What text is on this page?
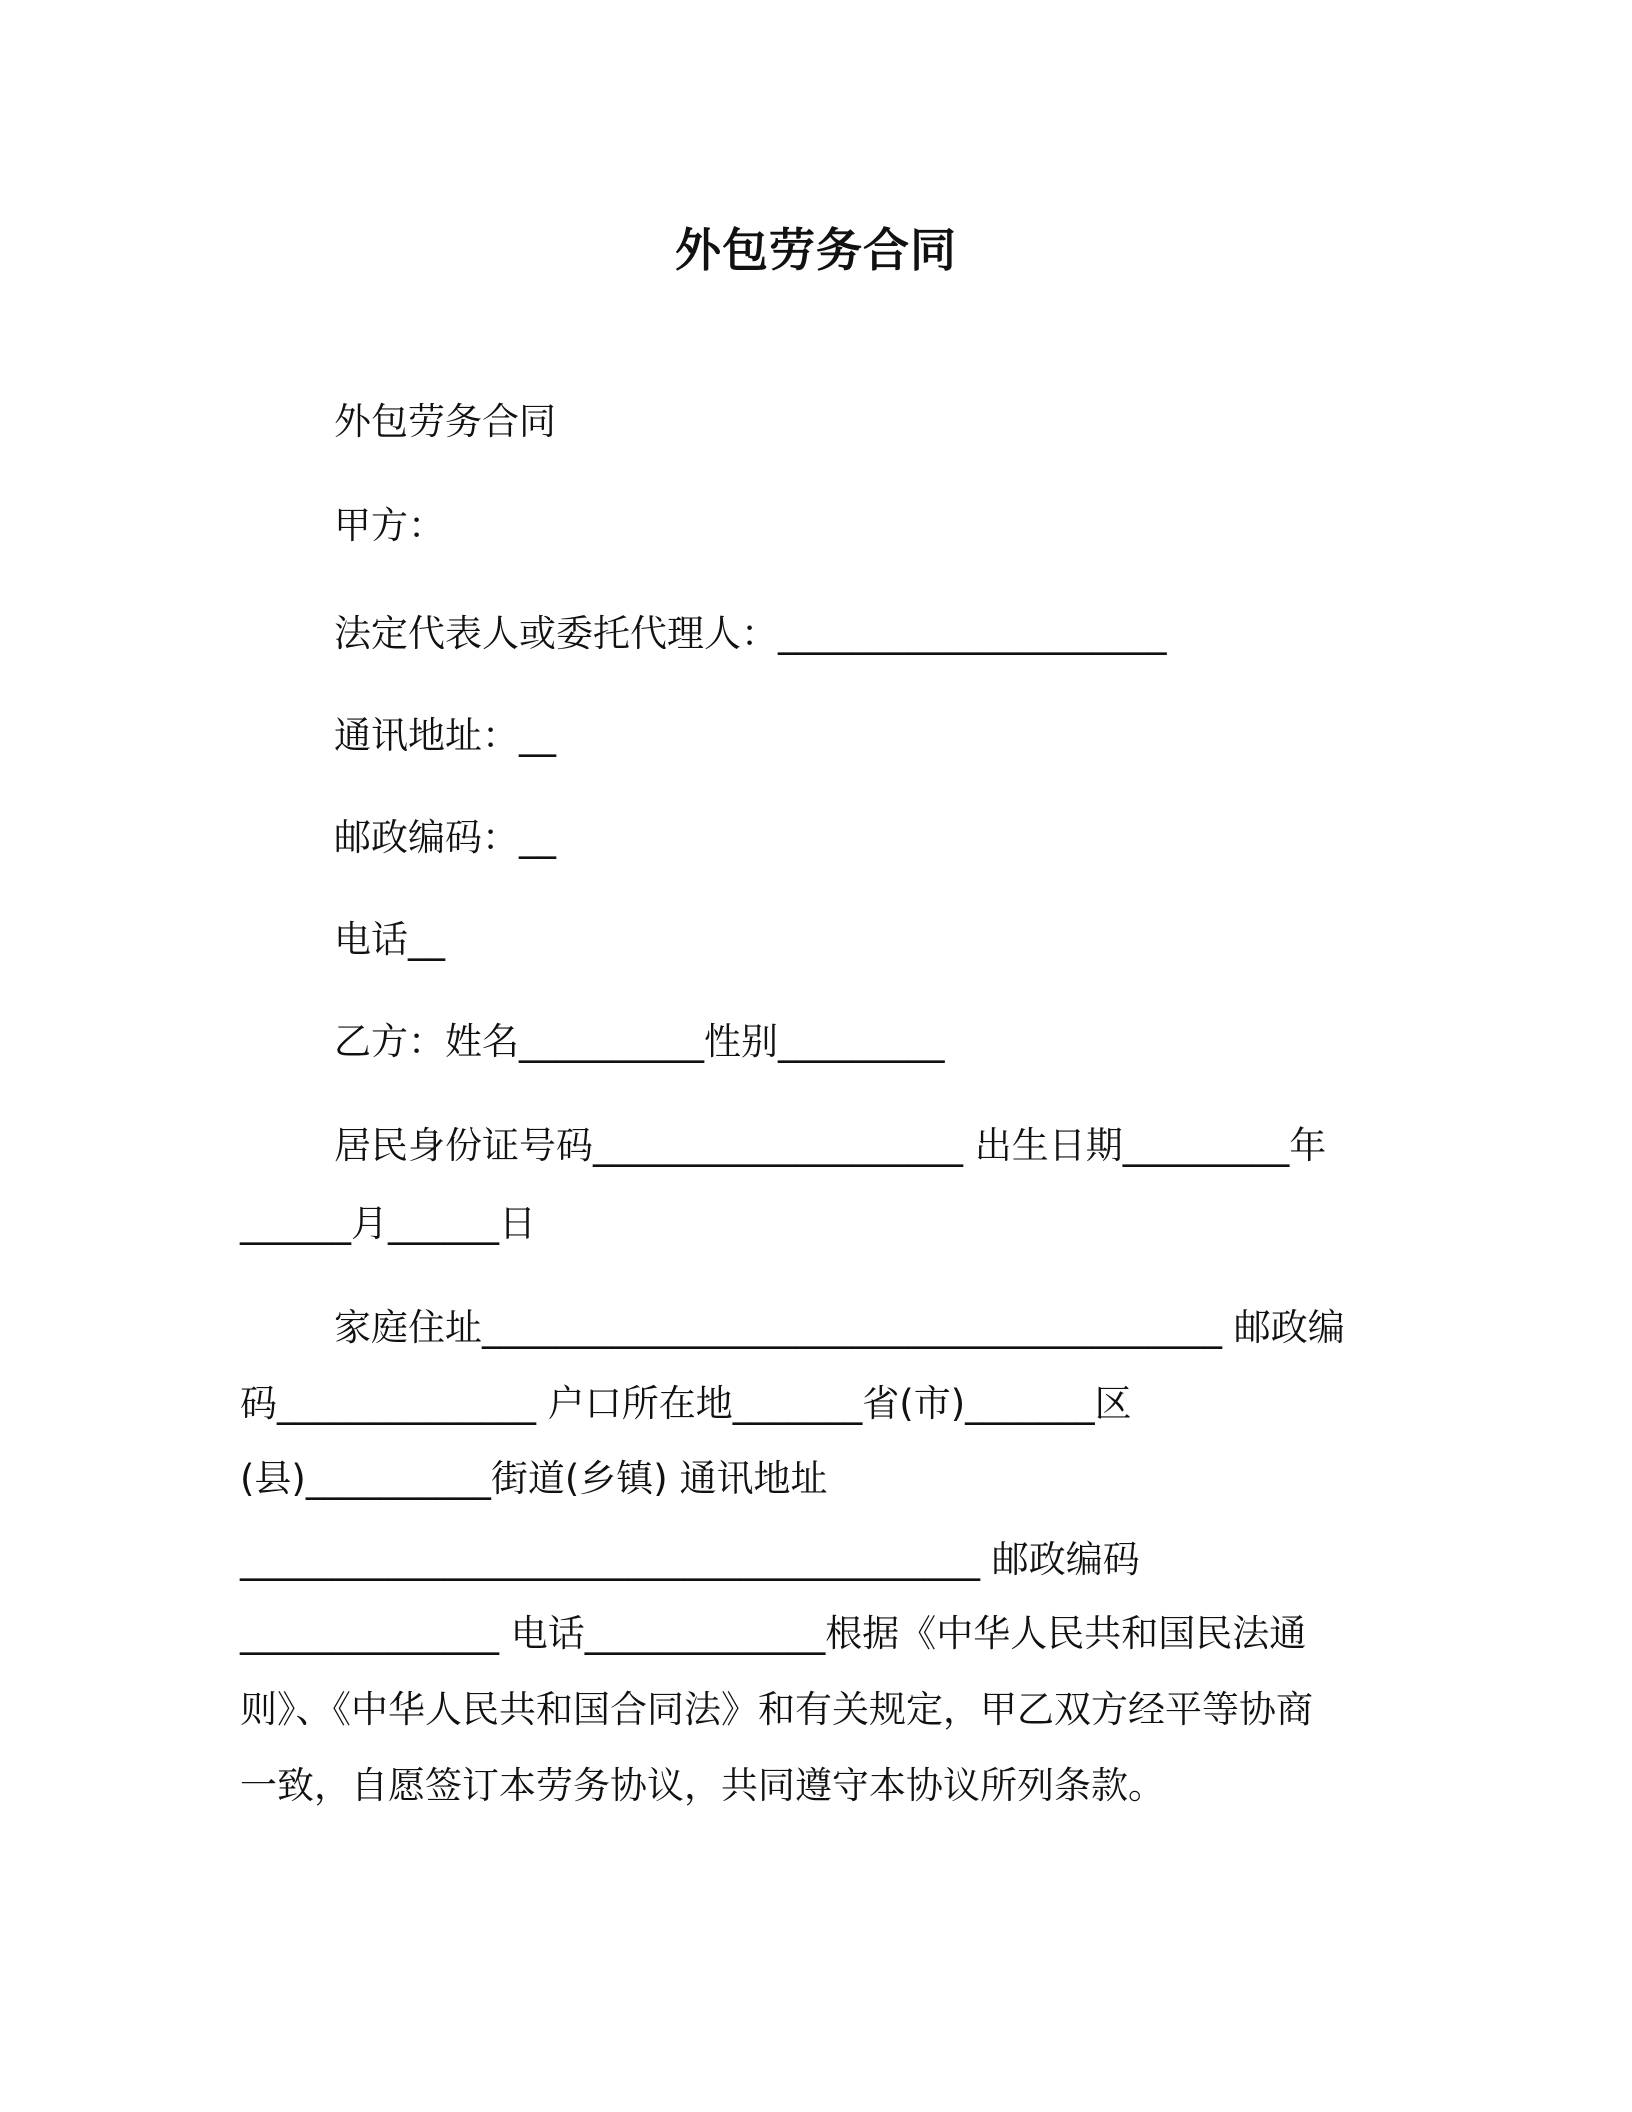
外包劳务合同
外包劳务合同
甲方：
法定代表人或委托代理人：_____________________
通讯地址：__
邮政编码：__
电话__
乙方：姓名__________性别_________
居民身份证号码____________________ 出生日期_________年
______月______日
家庭住址________________________________________ 邮政编
码______________ 户口所在地_______省(市)_______区
(县)__________街道(乡镇) 通讯地址
________________________________________ 邮政编码
______________ 电话_____________根据《中华人民共和国民法通
则》、《中华人民共和国合同法》和有关规定，甲乙双方经平等协商
一致，自愿签订本劳务协议，共同遵守本协议所列条款。
